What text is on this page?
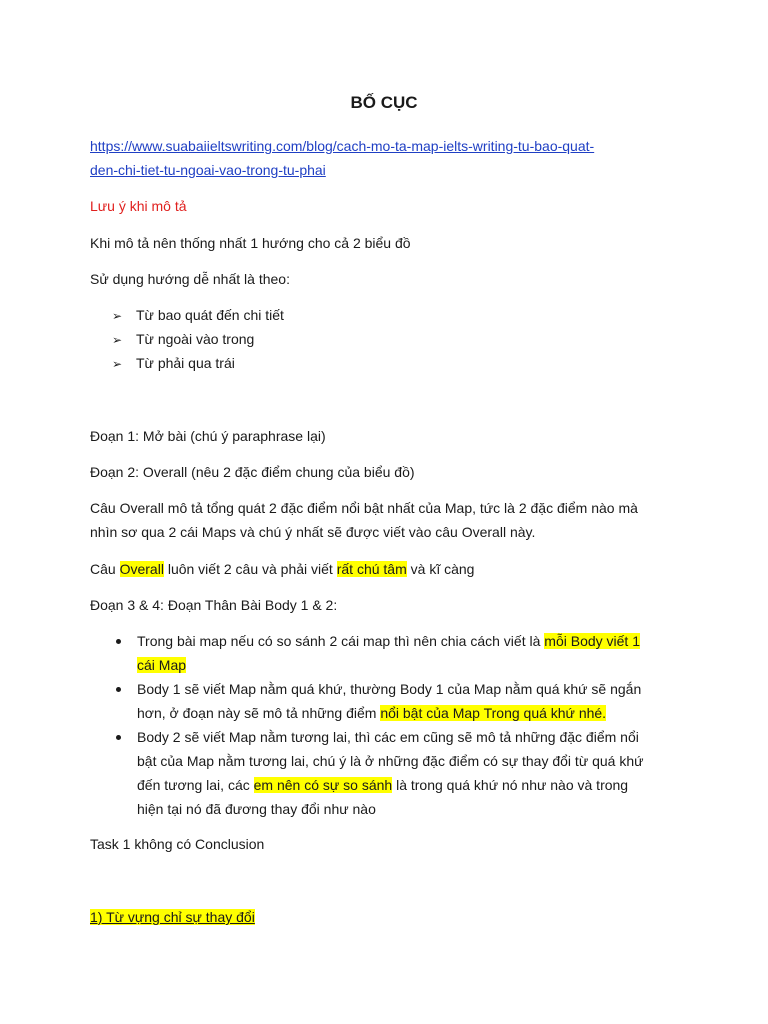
BỐ CỤC
https://www.suabaiieltswriting.com/blog/cach-mo-ta-map-ielts-writing-tu-bao-quat-
den-chi-tiet-tu-ngoai-vao-trong-tu-phai
Lưu ý khi mô tả
Khi mô tả nên thống nhất 1 hướng cho cả 2 biểu đồ
Sử dụng hướng dễ nhất là theo:
➢ Từ bao quát đến chi tiết
➢ Từ ngoài vào trong
➢ Từ phải qua trái
Đoạn 1: Mở bài (chú ý paraphrase lại)
Đoạn 2: Overall (nêu 2 đặc điểm chung của biểu đồ)
Câu Overall mô tả tổng quát 2 đặc điểm nổi bật nhất của Map, tức là 2 đặc điểm nào mà
nhìn sơ qua 2 cái Maps và chú ý nhất sẽ được viết vào câu Overall này.
Câu Overall luôn viết 2 câu và phải viết rất chú tâm và kĩ càng
Đoạn 3 & 4: Đoạn Thân Bài Body 1 & 2:
Trong bài map nếu có so sánh 2 cái map thì nên chia cách viết là mỗi Body viết 1
cái Map
Body 1 sẽ viết Map nằm quá khứ, thường Body 1 của Map nằm quá khứ sẽ ngắn
hơn, ở đoạn này sẽ mô tả những điểm nổi bật của Map Trong quá khứ nhé.
Body 2 sẽ viết Map nằm tương lai, thì các em cũng sẽ mô tả những đặc điểm nổi
bật của Map nằm tương lai, chú ý là ở những đặc điểm có sự thay đổi từ quá khứ
đến tương lai, các em nên có sự so sánh là trong quá khứ nó như nào và trong
hiện tại nó đã đương thay đổi như nào
Task 1 không có Conclusion
1) Từ vựng chỉ sự thay đổi
